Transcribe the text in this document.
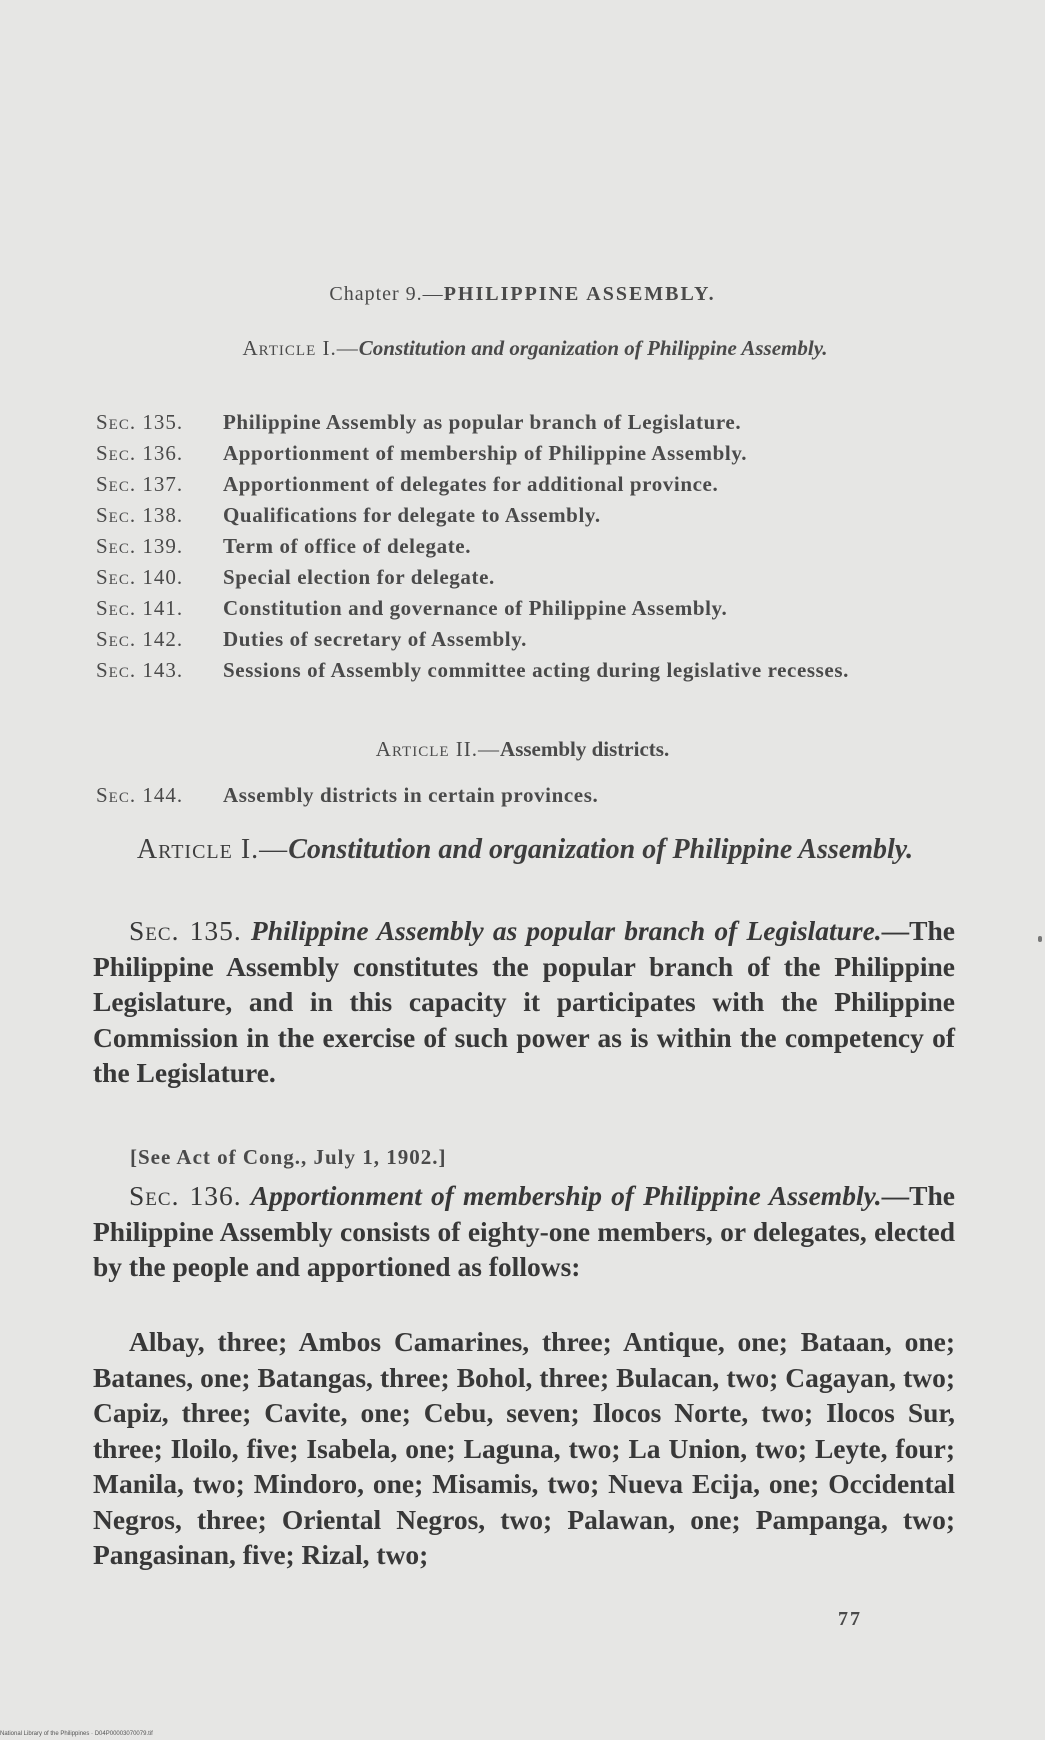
Chapter 9.—PHILIPPINE ASSEMBLY.
Article I.—Constitution and organization of Philippine Assembly.
Sec. 135.	Philippine Assembly as popular branch of Legislature.
Sec. 136.	Apportionment of membership of Philippine Assembly.
Sec. 137.	Apportionment of delegates for additional province.
Sec. 138.	Qualifications for delegate to Assembly.
Sec. 139.	Term of office of delegate.
Sec. 140.	Special election for delegate.
Sec. 141.	Constitution and governance of Philippine Assembly.
Sec. 142.	Duties of secretary of Assembly.
Sec. 143.	Sessions of Assembly committee acting during legislative recesses.
Article II.—Assembly districts.
Sec. 144.	Assembly districts in certain provinces.
Article I.—Constitution and organization of Philippine Assembly.

Sec. 135. Philippine Assembly as popular branch of Legislature.—The Philippine Assembly constitutes the popular branch of the Philippine Legislature, and in this capacity it participates with the Philippine Commission in the exercise of such power as is within the competency of the Legislature.

[See Act of Cong., July 1, 1902.]

Sec. 136. Apportionment of membership of Philippine Assembly.—The Philippine Assembly consists of eighty-one members, or delegates, elected by the people and apportioned as follows:

Albay, three; Ambos Camarines, three; Antique, one; Bataan, one; Batanes, one; Batangas, three; Bohol, three; Bulacan, two; Cagayan, two; Capiz, three; Cavite, one; Cebu, seven; Ilocos Norte, two; Ilocos Sur, three; Iloilo, five; Isabela, one; Laguna, two; La Union, two; Leyte, four; Manila, two; Mindoro, one; Misamis, two; Nueva Ecija, one; Occidental Negros, three; Oriental Negros, two; Palawan, one; Pampanga, two; Pangasinan, five; Rizal, two;

77
National Library of the Philippines · D04P00003070079.tif
